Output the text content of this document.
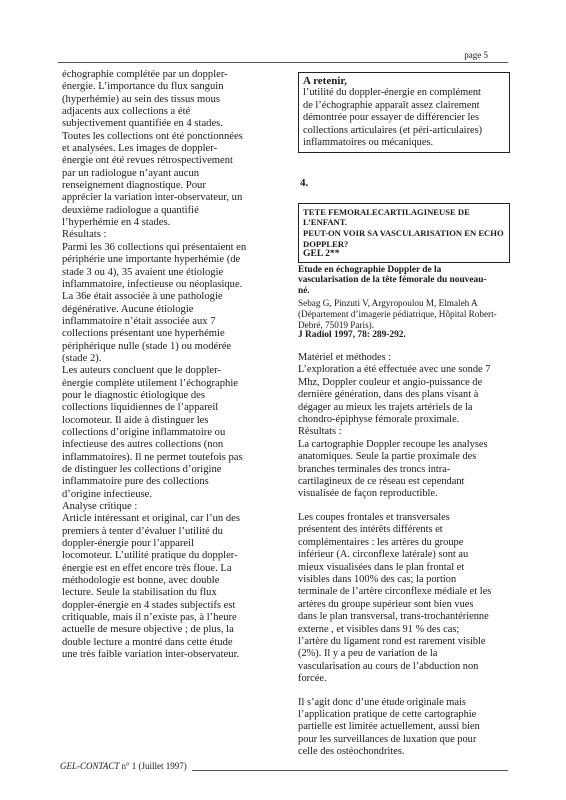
page 5
échographie complétée par un doppler-
énergie. L’importance du flux sanguin
(hyperhémie) au sein des tissus mous
adjacents aux collections a été
subjectivement quantifiée en 4 stades.
Toutes les collections ont été ponctionnées
et analysées. Les images de doppler-
énergie ont été revues rétrospectivement
par un radiologue n’ayant aucun
renseignement diagnostique. Pour
apprécier la variation inter-observateur, un
deuxième radiologue a quantifié
l’hyperhémie en 4 stades.
Résultats :
Parmi les 36 collections qui présentaient en
périphérie une importante hyperhémie (de
stade 3 ou 4), 35 avaient une étiologie
inflammatoire, infectieuse ou néoplasique.
La 36e était associée à une pathologie
dégénérative. Aucune étiologie
inflammatoire n’était associée aux 7
collections présentant une hyperhémie
périphérique nulle (stade 1) ou modérée
(stade 2).
Les auteurs concluent que le doppler-
énergie complète utilement l’échographie
pour le diagnostic étiologique des
collections liquidiennes de l’appareil
locomoteur. Il aide à distinguer les
collections d’origine inflammatoire ou
infectieuse des autres collections (non
inflammatoires). Il ne permet toutefois pas
de distinguer les collections d’origine
inflammatoire pure des collections
d’origine infectieuse.
Analyse critique :
Article intéressant et original, car l’un des
premiers à tenter d’évaluer l’utilité du
doppler-énergie pour l’appareil
locomoteur. L’utilité pratique du doppler-
énergie est en effet encore très floue. La
méthodologie est bonne, avec double
lecture. Seule la stabilisation du flux
doppler-énergie en 4 stades subjectifs est
critiquable, mais il n’existe pas, à l’heure
actuelle de mesure objective ; de plus, la
double lecture a montré dans cette étude
une très faible variation inter-observateur.
A retenir,
l’utilité du doppler-énergie en complément
de l’échographie apparaît assez clairement
démontrée pour essayer de différencier les
collections articulaires (et péri-articulaires)
inflammatoires ou mécaniques.
4.
TETE FEMORALECARTILAGINEUSE DE L’ENFANT.
PEUT-ON VOIR SA VASCULARISATION EN ECHO
DOPPLER?
GEL 2**
Etude en échographie Doppler de la
vascularisation de la tête fémorale du nouveau-
né.
Sebag G, Pinzuti V, Argyropoulou M, Elmaleh A
(Département d’imagerie pédiatrique, Hôpital Robert-
Debré, 75019 Paris).
J Radiol 1997, 78: 289-292.
Matériel et méthodes :
L’exploration a été effectuée avec une sonde 7
Mhz, Doppler couleur et angio-puissance de
dernière génération, dans des plans visant à
dégager au mieux les trajets artériels de la
chondro-épiphyse fémorale proximale.
Résultats :
La cartographie Doppler recoupe les analyses
anatomiques. Seule la partie proximale des
branches terminales des troncs intra-
cartilagineux de ce réseau est cependant
visualisée de façon reproductible.
Les coupes frontales et transversales
présentent des intérêts différents et
complémentaires : les artères du groupe
inférieur (A. circonflexe latérale) sont au
mieux visualisées dans le plan frontal et
visibles dans 100% des cas; la portion
terminale de l’artère circonflexe médiale et les
artères du groupe supérieur sont bien vues
dans le plan transversal, trans-trochantérienne
externe , et visibles dans 91 % des cas;
l’artère du ligament rond est rarement visible
(2%). Il y a peu de variation de la
vascularisation au cours de l’abduction non
forcée.
Il s’agit donc d’une étude originale mais
l’application pratique de cette cartographie
partielle est limitée actuellement, aussi bien
pour les surveillances de luxation que pour
celle des ostéochondrites.
GEL-CONTACT n° 1 (Juillet 1997)
